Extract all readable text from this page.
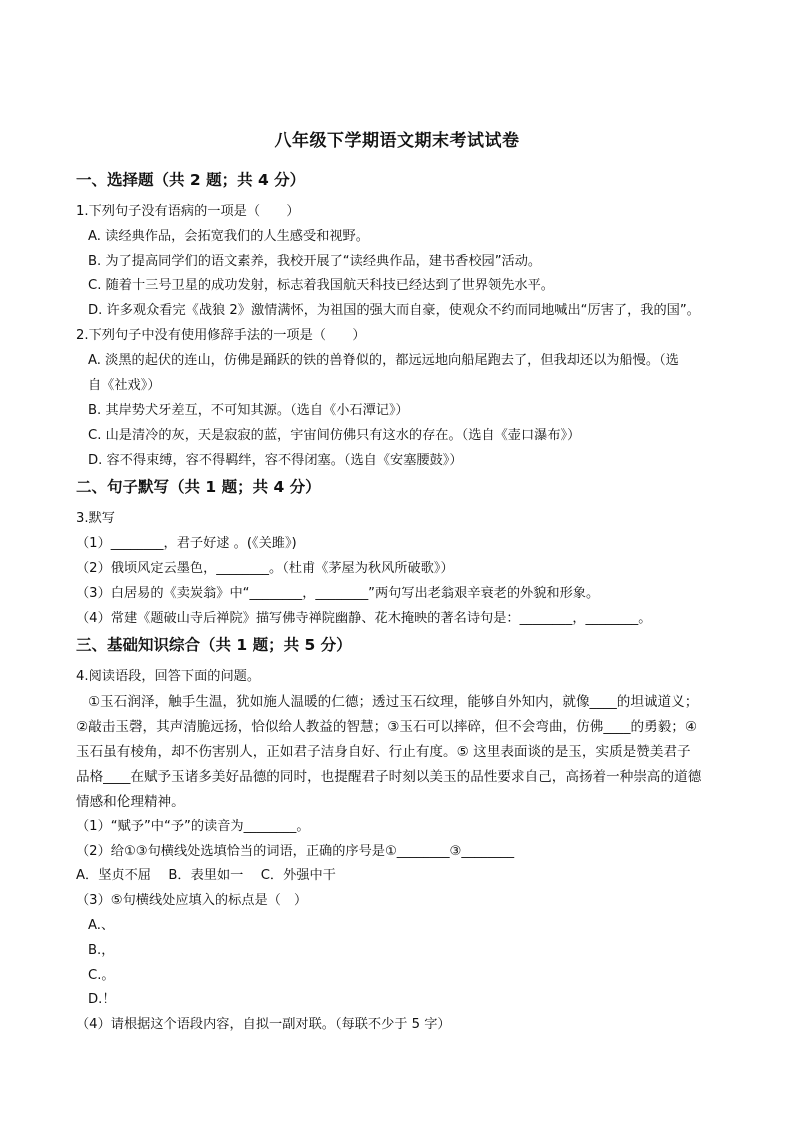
八年级下学期语文期末考试试卷
一、选择题（共 2 题；共 4 分）
1.下列句子没有语病的一项是（　　）
A. 读经典作品，会拓宽我们的人生感受和视野。
B. 为了提高同学们的语文素养，我校开展了“读经典作品，建书香校园”活动。
C. 随着十三号卫星的成功发射，标志着我国航天科技已经达到了世界领先水平。
D. 许多观众看完《战狼 2》激情满怀，为祖国的强大而自豪，使观众不约而同地喊出“厉害了，我的国”。
2.下列句子中没有使用修辞手法的一项是（　　）
A. 淡黑的起伏的连山，仿佛是踊跃的铁的兽脊似的，都远远地向船尾跑去了，但我却还以为船慢。（选
自《社戏》）
B. 其岸势犬牙差互，不可知其源。（选自《小石潭记》）
C. 山是清冷的灰，天是寂寂的蓝，宇宙间仿佛只有这水的存在。（选自《壶口瀑布》）
D. 容不得束缚，容不得羁绊，容不得闭塞。（选自《安塞腰鼓》）
二、句子默写（共 1 题；共 4 分）
3.默写
（1）________，君子好逑 。(《关雎》)
（2）俄顷风定云墨色，________。（杜甫《茅屋为秋风所破歌》）
（3）白居易的《卖炭翁》中“________，________”两句写出老翁艰辛衰老的外貌和形象。
（4）常建《题破山寺后禅院》描写佛寺禅院幽静、花木掩映的著名诗句是：________，________。
三、基础知识综合（共 1 题；共 5 分）
4.阅读语段，回答下面的问题。
①玉石润泽，触手生温，犹如施人温暖的仁德；透过玉石纹理，能够自外知内，就像____的坦诚道义；
②敲击玉磬，其声清脆远扬，恰似给人教益的智慧；③玉石可以摔碎，但不会弯曲，仿佛____的勇毅；④
玉石虽有棱角，却不伤害别人，正如君子洁身自好、行止有度。⑤ 这里表面谈的是玉，实质是赞美君子
品格____在赋予玉诸多美好品德的同时，也提醒君子时刻以美玉的品性要求自己，高扬着一种崇高的道德
情感和伦理精神。
（1）“赋予”中“予”的读音为________。
（2）给①③句横线处选填恰当的词语，正确的序号是①________③________
A．坚贞不屈　 B．表里如一　 C．外强中干
（3）⑤句横线处应填入的标点是（　）
A.、
B.，
C.。
D.！
（4）请根据这个语段内容，自拟一副对联。（每联不少于 5 字）
